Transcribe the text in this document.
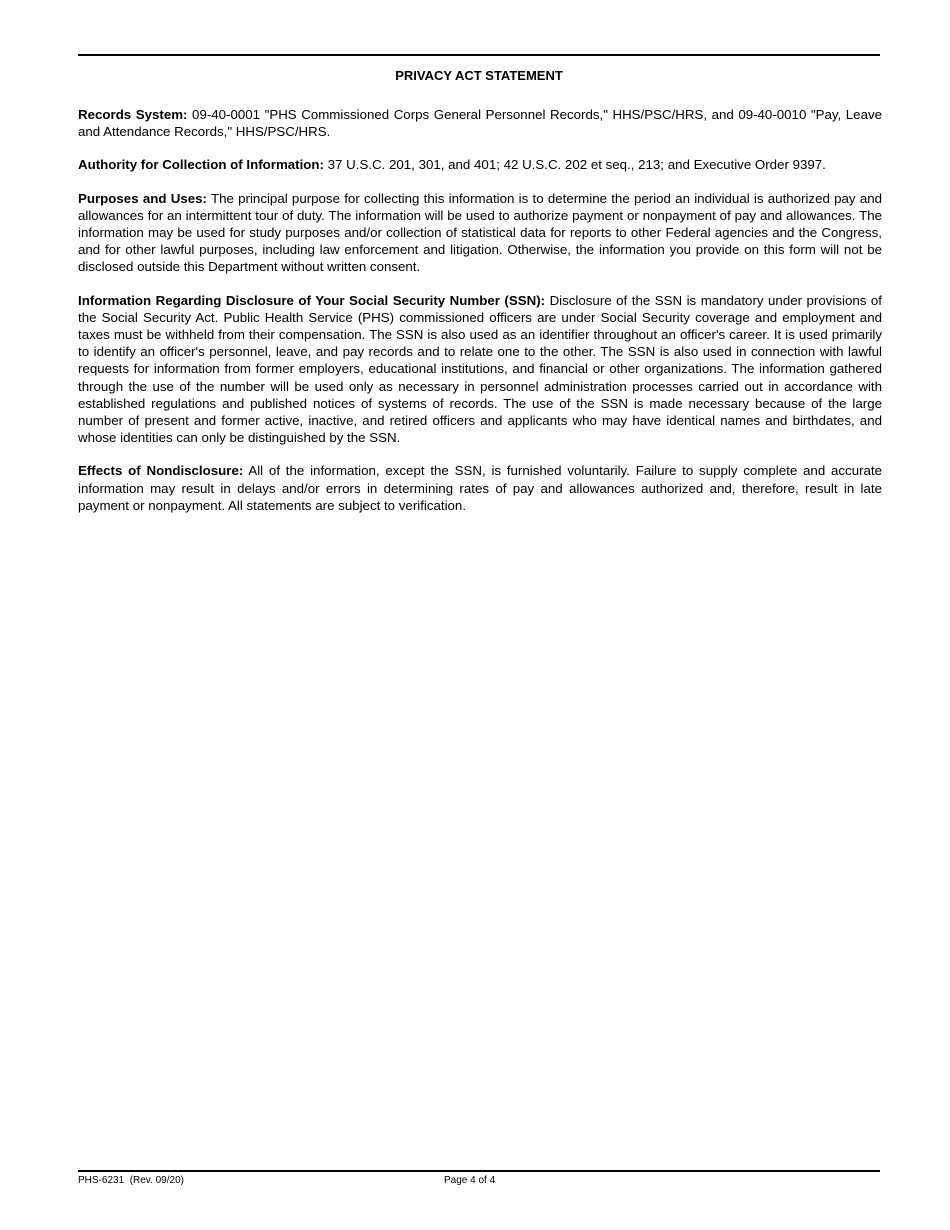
PRIVACY ACT STATEMENT

Records System: 09-40-0001 "PHS Commissioned Corps General Personnel Records," HHS/PSC/HRS, and 09-40-0010 "Pay, Leave and Attendance Records," HHS/PSC/HRS.

Authority for Collection of Information: 37 U.S.C. 201, 301, and 401; 42 U.S.C. 202 et seq., 213; and Executive Order 9397.

Purposes and Uses: The principal purpose for collecting this information is to determine the period an individual is authorized pay and allowances for an intermittent tour of duty. The information will be used to authorize payment or nonpayment of pay and allowances. The information may be used for study purposes and/or collection of statistical data for reports to other Federal agencies and the Congress, and for other lawful purposes, including law enforcement and litigation. Otherwise, the information you provide on this form will not be disclosed outside this Department without written consent.

Information Regarding Disclosure of Your Social Security Number (SSN): Disclosure of the SSN is mandatory under provisions of the Social Security Act. Public Health Service (PHS) commissioned officers are under Social Security coverage and employment and taxes must be withheld from their compensation. The SSN is also used as an identifier throughout an officer's career. It is used primarily to identify an officer's personnel, leave, and pay records and to relate one to the other. The SSN is also used in connection with lawful requests for information from former employers, educational institutions, and financial or other organizations. The information gathered through the use of the number will be used only as necessary in personnel administration processes carried out in accordance with established regulations and published notices of systems of records. The use of the SSN is made necessary because of the large number of present and former active, inactive, and retired officers and applicants who may have identical names and birthdates, and whose identities can only be distinguished by the SSN.

Effects of Nondisclosure: All of the information, except the SSN, is furnished voluntarily. Failure to supply complete and accurate information may result in delays and/or errors in determining rates of pay and allowances authorized and, therefore, result in late payment or nonpayment. All statements are subject to verification.

PHS-6231  (Rev. 09/20)	Page 4 of 4
